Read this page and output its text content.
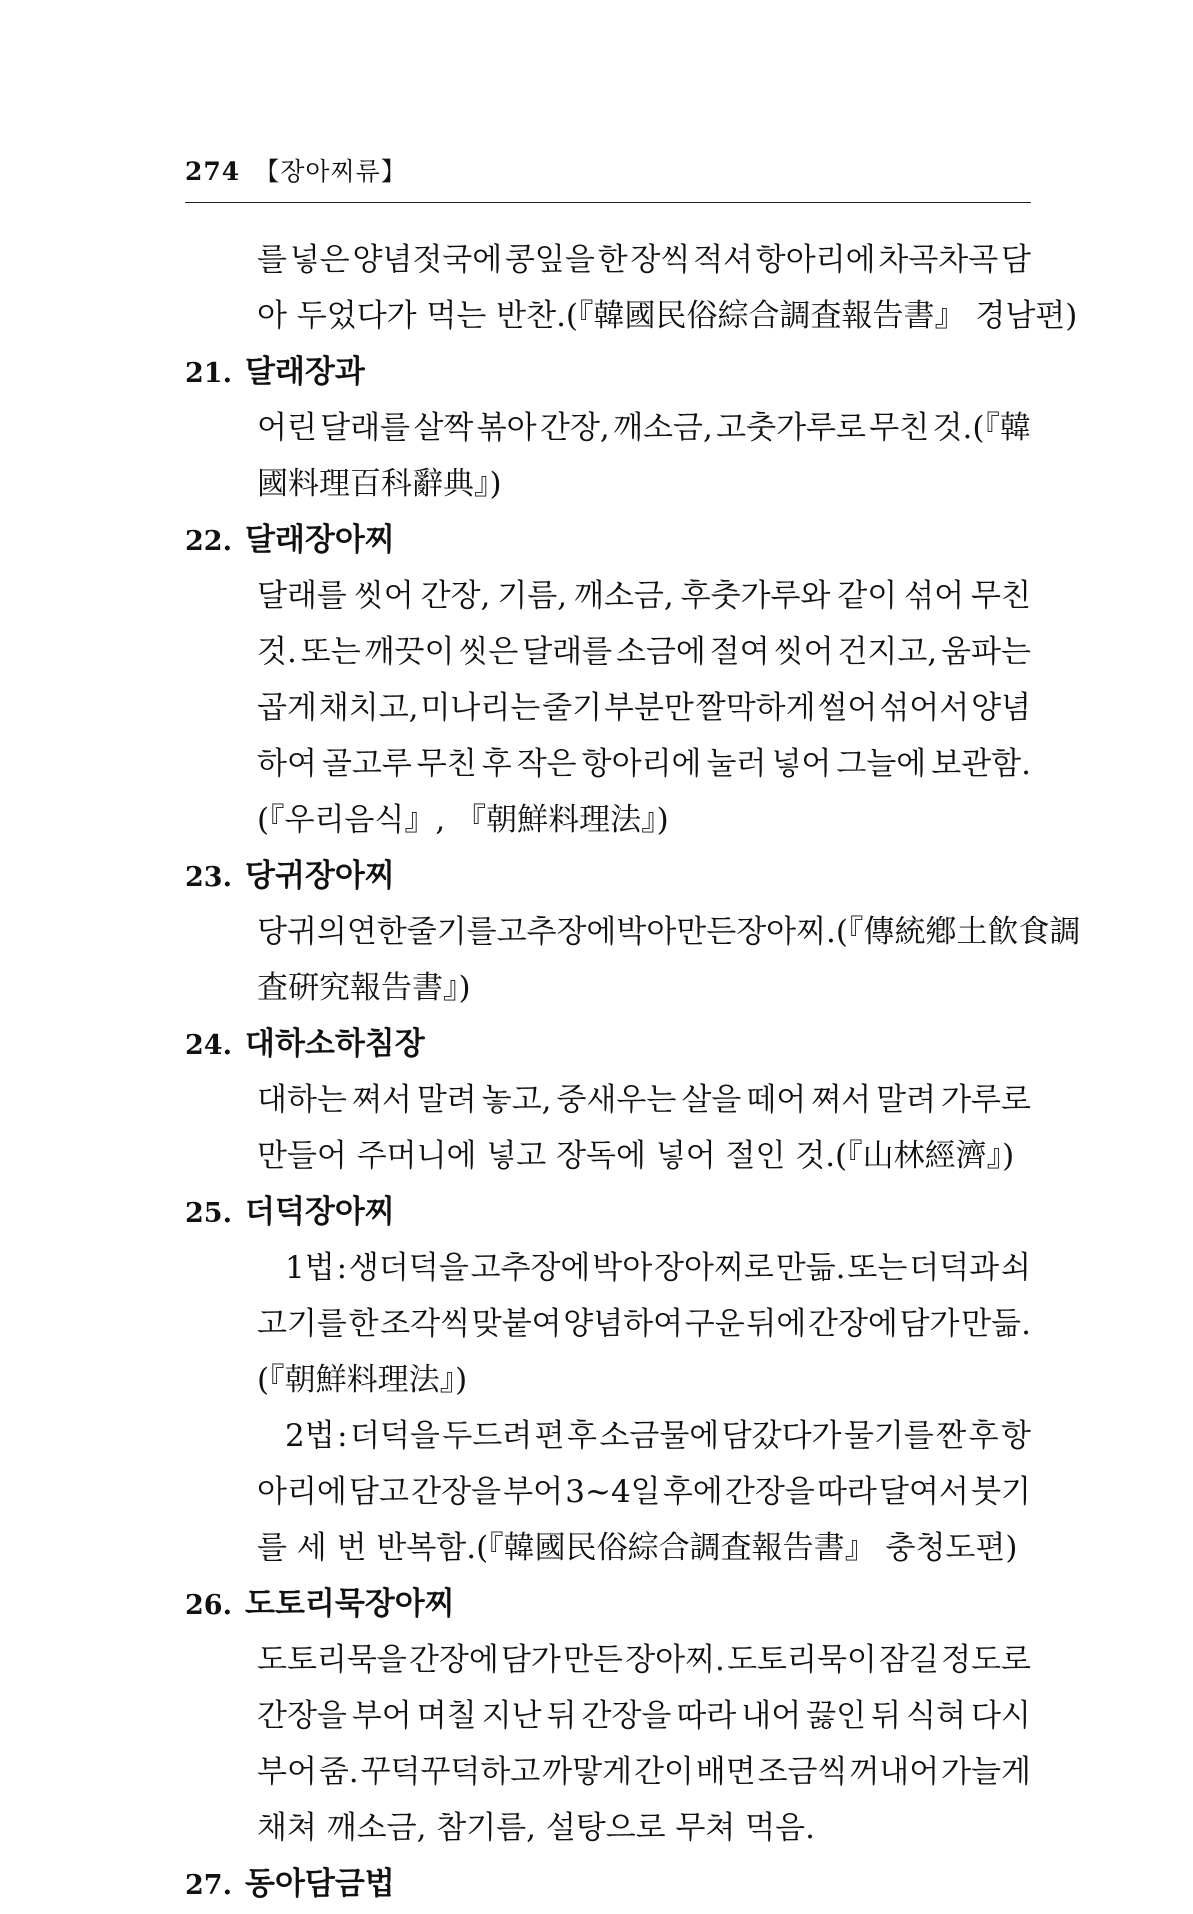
274 【장아찌류】
를 넣은 양념젓국에 콩잎을 한 장씩 적셔 항아리에 차곡차곡 담
아 두었다가 먹는 반찬.(『韓國民俗綜合調査報告書』 경남편)
21. 달래장과
어린 달래를 살짝 볶아 간장, 깨소금, 고춧가루로 무친 것.(『韓
國料理百科辭典』)
22. 달래장아찌
달래를 씻어 간장, 기름, 깨소금, 후춧가루와 같이 섞어 무친
것. 또는 깨끗이 씻은 달래를 소금에 절여 씻어 건지고, 움파는
곱게 채치고, 미나리는 줄기 부분만 짤막하게 썰어 섞어서 양념
하여 골고루 무친 후 작은 항아리에 눌러 넣어 그늘에 보관함.
(『우리음식』, 『朝鮮料理法』)
23. 당귀장아찌
당귀의 연한 줄기를 고추장에 박아 만든 장아찌.(『傳統鄕土飮食調
査硏究報告書』)
24. 대하소하침장
대하는 쪄서 말려 놓고, 중새우는 살을 떼어 쪄서 말려 가루로
만들어 주머니에 넣고 장독에 넣어 절인 것.(『山林經濟』)
25. 더덕장아찌
1법 : 생더덕을 고추장에 박아 장아찌로 만듦. 또는 더덕과 쇠
고기를 한 조각씩 맞붙여 양념하여 구운 뒤에 간장에 담가 만듦.
(『朝鮮料理法』)
2법 : 더덕을 두드려 편 후 소금물에 담갔다가 물기를 짠 후 항
아리에 담고 간장을 부어 3~4일 후에 간장을 따라 달여서 붓기
를 세 번 반복함.(『韓國民俗綜合調査報告書』 충청도편)
26. 도토리묵장아찌
도토리묵을 간장에 담가 만든 장아찌. 도토리묵이 잠길 정도로
간장을 부어 며칠 지난 뒤 간장을 따라 내어 끓인 뒤 식혀 다시
부어 줌. 꾸덕꾸덕하고 까맣게 간이 배면 조금씩 꺼내어 가늘게
채쳐 깨소금, 참기름, 설탕으로 무쳐 먹음.
27. 동아담금법
